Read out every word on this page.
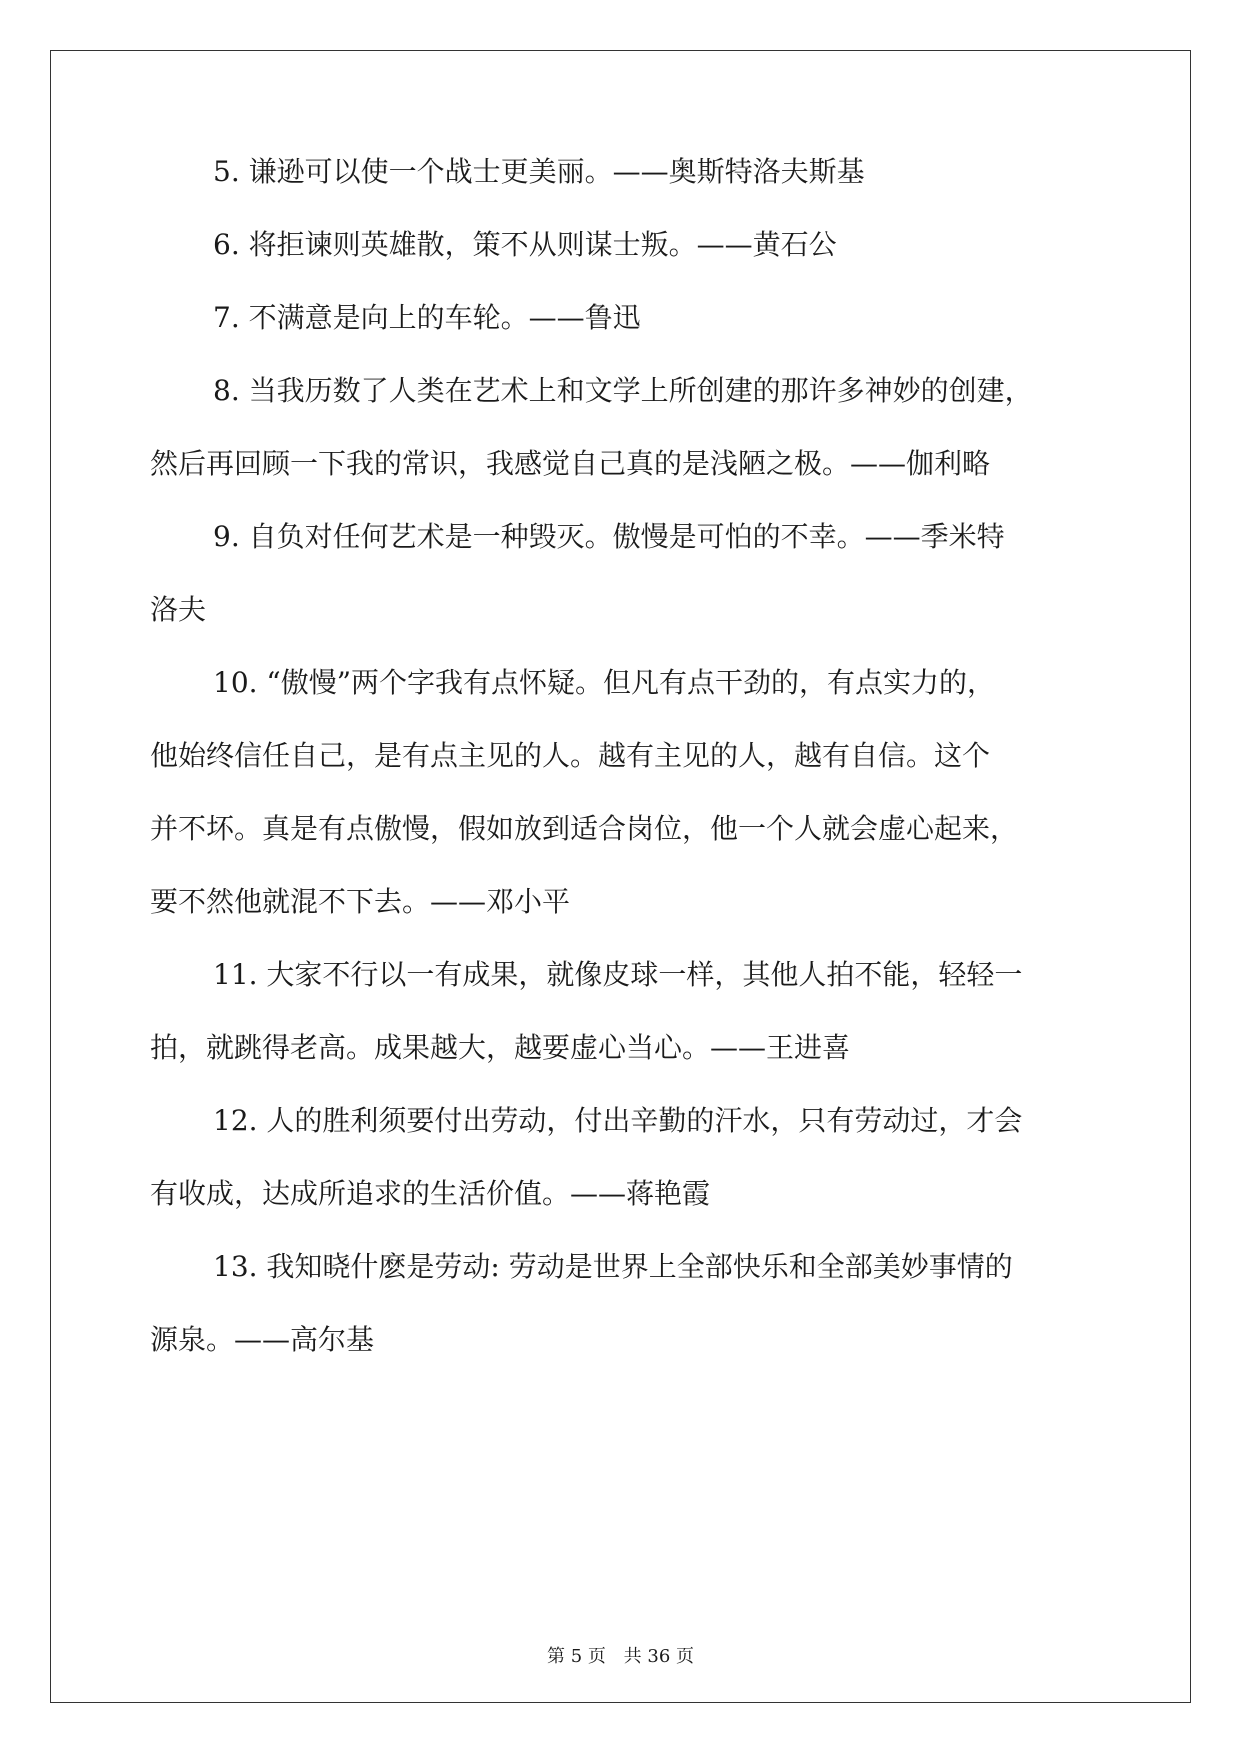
5. 谦逊可以使一个战士更美丽。——奥斯特洛夫斯基
6. 将拒谏则英雄散，策不从则谋士叛。——黄石公
7. 不满意是向上的车轮。——鲁迅
8. 当我历数了人类在艺术上和文学上所创建的那许多神妙的创建，
然后再回顾一下我的常识，我感觉自己真的是浅陋之极。——伽利略
9. 自负对任何艺术是一种毁灭。傲慢是可怕的不幸。——季米特
洛夫
10. “傲慢”两个字我有点怀疑。但凡有点干劲的，有点实力的，
他始终信任自己，是有点主见的人。越有主见的人，越有自信。这个
并不坏。真是有点傲慢，假如放到适合岗位，他一个人就会虚心起来，
要不然他就混不下去。——邓小平
11. 大家不行以一有成果，就像皮球一样，其他人拍不能，轻轻一
拍，就跳得老高。成果越大，越要虚心当心。——王进喜
12. 人的胜利须要付出劳动，付出辛勤的汗水，只有劳动过，才会
有收成，达成所追求的生活价值。——蒋艳霞
13. 我知晓什麽是劳动: 劳动是世界上全部快乐和全部美妙事情的
源泉。——高尔基
第 5 页 共 36 页
